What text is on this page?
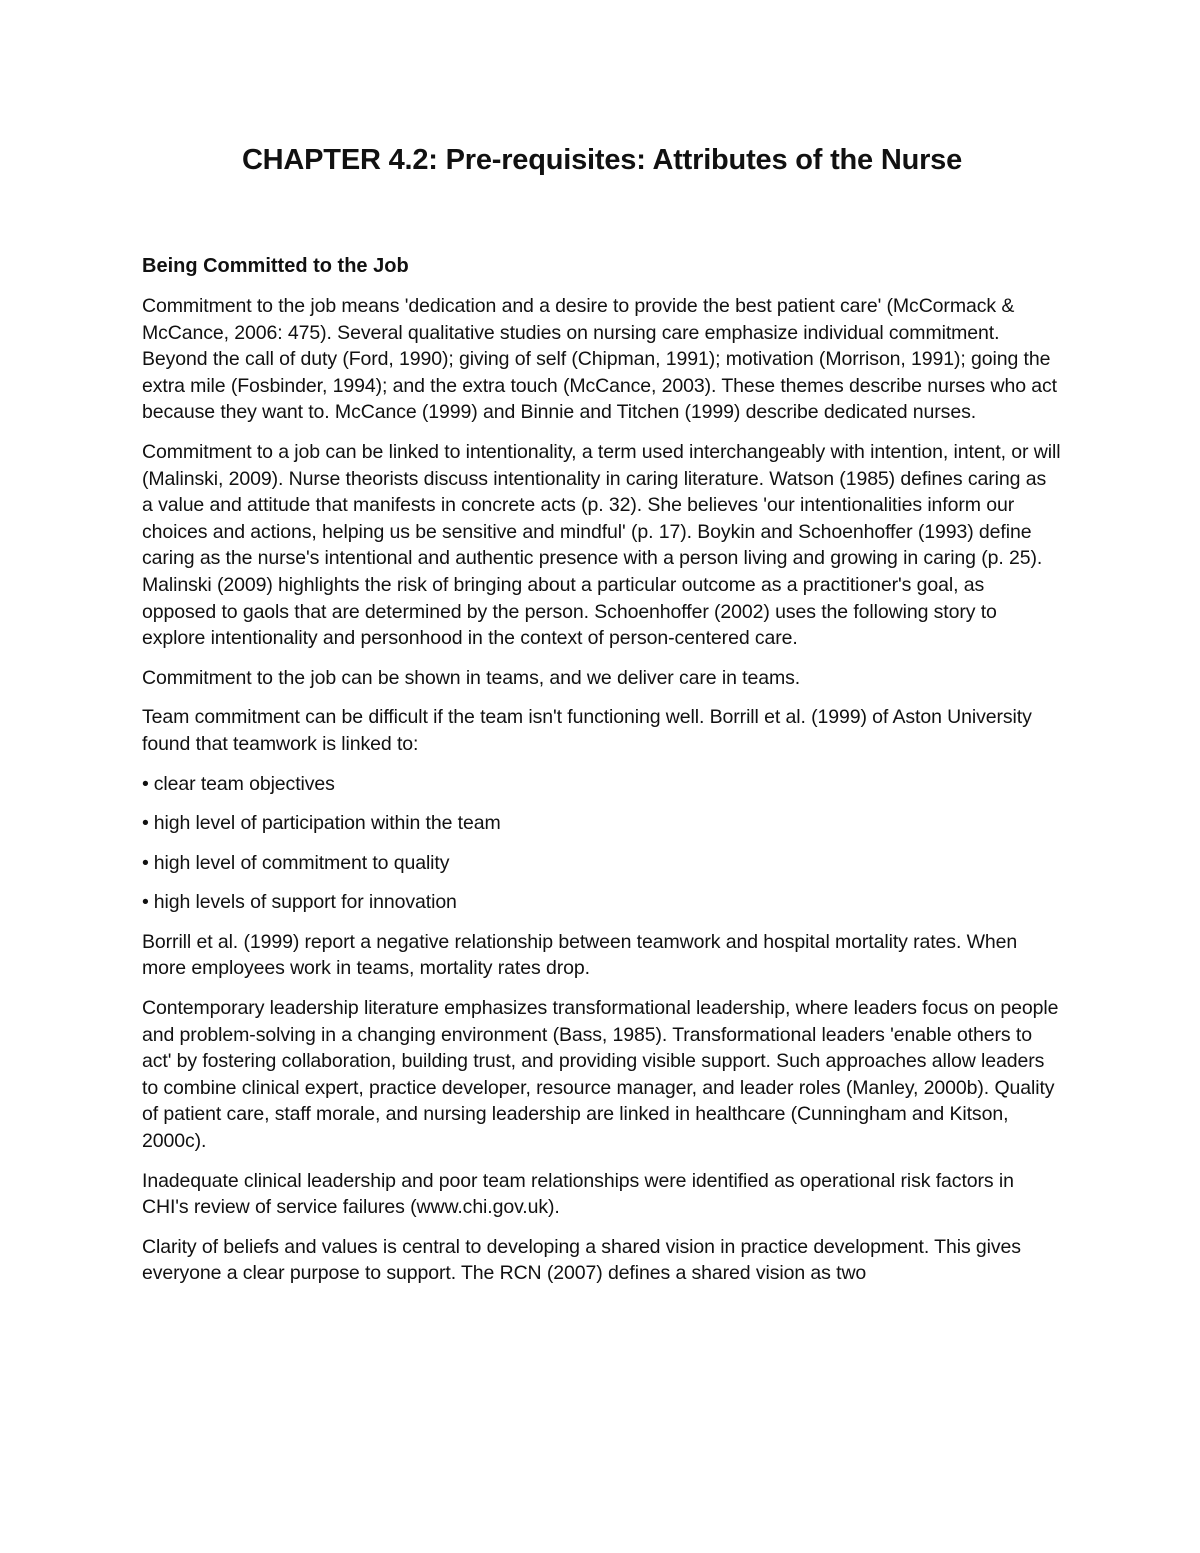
CHAPTER 4.2: Pre-requisites: Attributes of the Nurse
Being Committed to the Job

Commitment to the job means 'dedication and a desire to provide the best patient care' (McCormack & McCance, 2006: 475). Several qualitative studies on nursing care emphasize individual commitment. Beyond the call of duty (Ford, 1990); giving of self (Chipman, 1991); motivation (Morrison, 1991); going the extra mile (Fosbinder, 1994); and the extra touch (McCance, 2003). These themes describe nurses who act because they want to. McCance (1999) and Binnie and Titchen (1999) describe dedicated nurses.

Commitment to a job can be linked to intentionality, a term used interchangeably with intention, intent, or will (Malinski, 2009). Nurse theorists discuss intentionality in caring literature. Watson (1985) defines caring as a value and attitude that manifests in concrete acts (p. 32). She believes 'our intentionalities inform our choices and actions, helping us be sensitive and mindful' (p. 17). Boykin and Schoenhoffer (1993) define caring as the nurse's intentional and authentic presence with a person living and growing in caring (p. 25). Malinski (2009) highlights the risk of bringing about a particular outcome as a practitioner's goal, as opposed to gaols that are determined by the person. Schoenhoffer (2002) uses the following story to explore intentionality and personhood in the context of person-centered care.

Commitment to the job can be shown in teams, and we deliver care in teams.

Team commitment can be difficult if the team isn't functioning well. Borrill et al. (1999) of Aston University found that teamwork is linked to:

• clear team objectives

• high level of participation within the team

• high level of commitment to quality

• high levels of support for innovation

Borrill et al. (1999) report a negative relationship between teamwork and hospital mortality rates. When more employees work in teams, mortality rates drop.

Contemporary leadership literature emphasizes transformational leadership, where leaders focus on people and problem-solving in a changing environment (Bass, 1985). Transformational leaders 'enable others to act' by fostering collaboration, building trust, and providing visible support. Such approaches allow leaders to combine clinical expert, practice developer, resource manager, and leader roles (Manley, 2000b). Quality of patient care, staff morale, and nursing leadership are linked in healthcare (Cunningham and Kitson, 2000c).

Inadequate clinical leadership and poor team relationships were identified as operational risk factors in CHI's review of service failures (www.chi.gov.uk).

Clarity of beliefs and values is central to developing a shared vision in practice development. This gives everyone a clear purpose to support. The RCN (2007) defines a shared vision as two
